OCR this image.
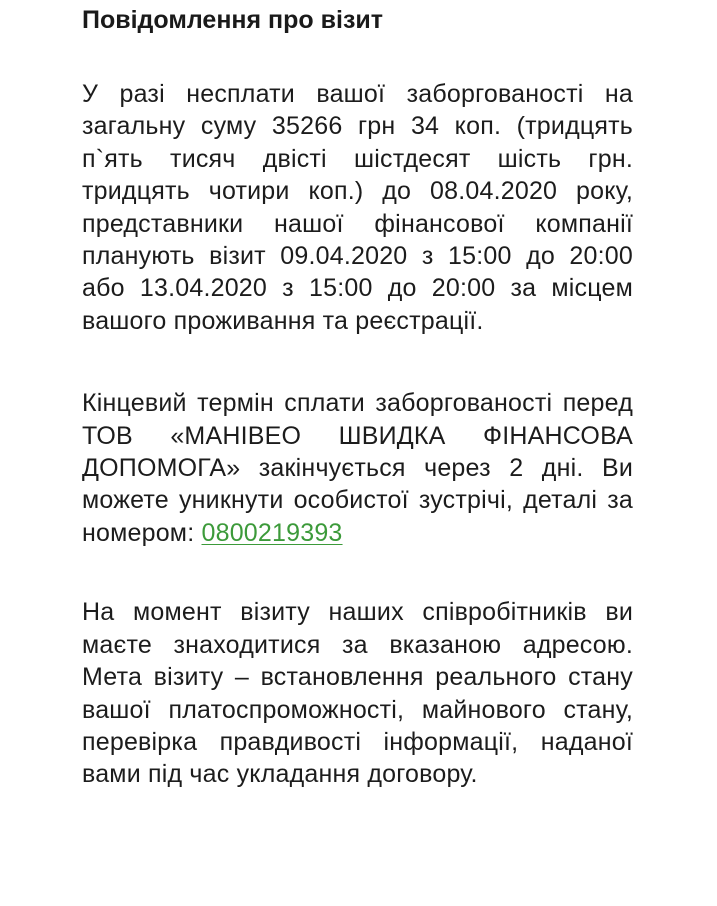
Повідомлення про візит

У разі несплати вашої заборгованості на загальну суму 35266 грн 34 коп. (тридцять п`ять тисяч двісті шістдесят шість грн. тридцять чотири коп.) до 08.04.2020 року, представники нашої фінансової компанії планують візит 09.04.2020 з 15:00 до 20:00 або 13.04.2020 з 15:00 до 20:00 за місцем вашого проживання та реєстрації.

Кінцевий термін сплати заборгованості перед ТОВ «МАНІВЕО ШВИДКА ФІНАНСОВА ДОПОМОГА» закінчується через 2 дні. Ви можете уникнути особистої зустрічі, деталі за номером: 0800219393

На момент візиту наших співробітників ви маєте знаходитися за вказаною адресою. Мета візиту – встановлення реального стану вашої платоспроможності, майнового стану, перевірка правдивості інформації, наданої вами під час укладання договору.
